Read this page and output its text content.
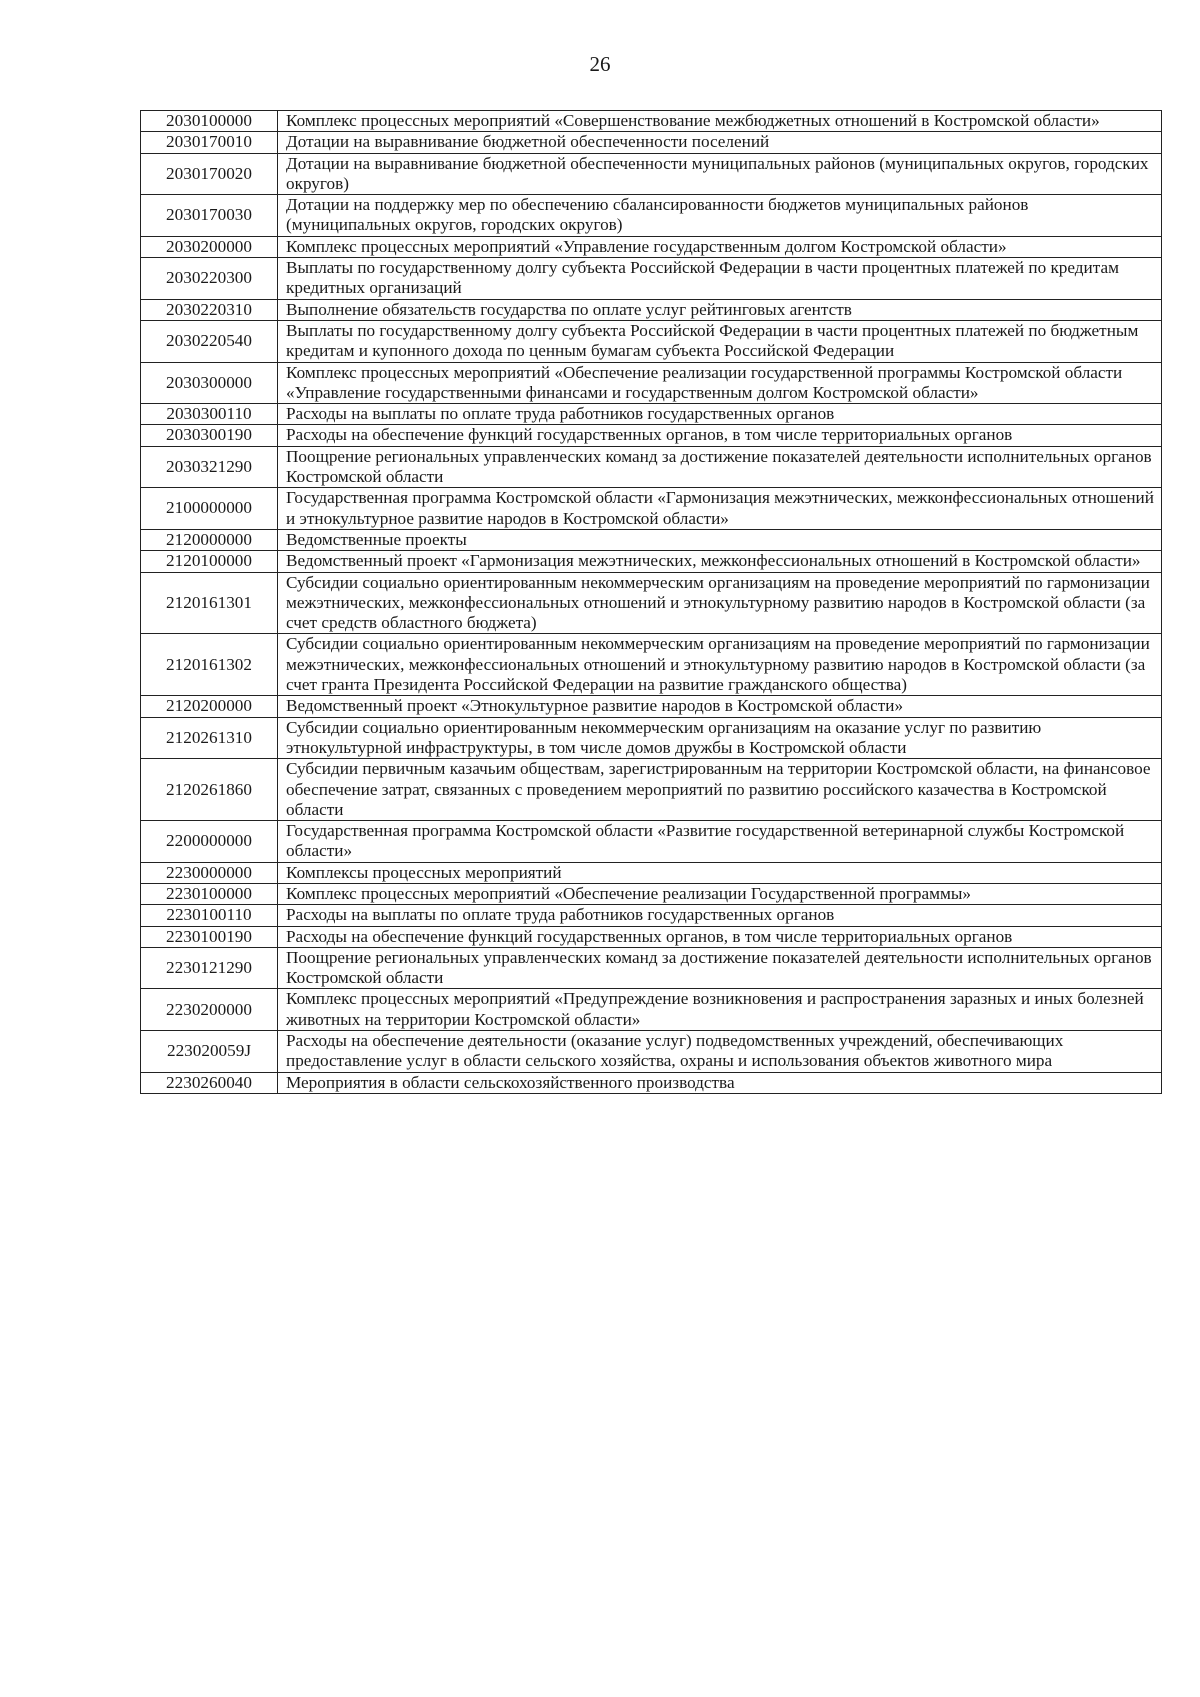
26
2030100000	Комплекс процессных мероприятий «Совершенствование межбюджетных отношений в Костромской области»
2030170010	Дотации на выравнивание бюджетной обеспеченности поселений
2030170020	Дотации на выравнивание бюджетной обеспеченности муниципальных районов (муниципальных округов, городских округов)
2030170030	Дотации на поддержку мер по обеспечению сбалансированности бюджетов муниципальных районов (муниципальных округов, городских округов)
2030200000	Комплекс процессных мероприятий «Управление государственным долгом Костромской области»
2030220300	Выплаты по государственному долгу субъекта Российской Федерации в части процентных платежей по кредитам кредитных организаций
2030220310	Выполнение обязательств государства по оплате услуг рейтинговых агентств
2030220540	Выплаты по государственному долгу субъекта Российской Федерации в части процентных платежей по бюджетным кредитам и купонного дохода по ценным бумагам субъекта Российской Федерации
2030300000	Комплекс процессных мероприятий «Обеспечение реализации государственной программы Костромской области «Управление государственными финансами и государственным долгом Костромской области»
2030300110	Расходы на выплаты по оплате труда работников государственных органов
2030300190	Расходы на обеспечение функций государственных органов, в том числе территориальных органов
2030321290	Поощрение региональных управленческих команд за достижение показателей деятельности исполнительных органов Костромской области
2100000000	Государственная программа Костромской области «Гармонизация межэтнических, межконфессиональных отношений и этнокультурное развитие народов в Костромской области»
2120000000	Ведомственные проекты
2120100000	Ведомственный проект «Гармонизация межэтнических, межконфессиональных отношений в Костромской области»
2120161301	Субсидии социально ориентированным некоммерческим организациям на проведение мероприятий по гармонизации межэтнических, межконфессиональных отношений и этнокультурному развитию народов в Костромской области (за счет средств областного бюджета)
2120161302	Субсидии социально ориентированным некоммерческим организациям на проведение мероприятий по гармонизации межэтнических, межконфессиональных отношений и этнокультурному развитию народов в Костромской области (за счет гранта Президента Российской Федерации на развитие гражданского общества)
2120200000	Ведомственный проект «Этнокультурное развитие народов в Костромской области»
2120261310	Субсидии социально ориентированным некоммерческим организациям на оказание услуг по развитию этнокультурной инфраструктуры, в том числе домов дружбы в Костромской области
2120261860	Субсидии первичным казачьим обществам, зарегистрированным на территории Костромской области, на финансовое обеспечение затрат, связанных с проведением мероприятий по развитию российского казачества в Костромской области
2200000000	Государственная программа Костромской области «Развитие государственной ветеринарной службы Костромской области»
2230000000	Комплексы процессных мероприятий
2230100000	Комплекс процессных мероприятий «Обеспечение реализации Государственной программы»
2230100110	Расходы на выплаты по оплате труда работников государственных органов
2230100190	Расходы на обеспечение функций государственных органов, в том числе территориальных органов
2230121290	Поощрение региональных управленческих команд за достижение показателей деятельности исполнительных органов Костромской области
2230200000	Комплекс процессных мероприятий «Предупреждение возникновения и распространения заразных и иных болезней животных на территории Костромской области»
223020059J	Расходы на обеспечение деятельности (оказание услуг) подведомственных учреждений, обеспечивающих предоставление услуг в области сельского хозяйства, охраны и использования объектов животного мира
2230260040	Мероприятия в области сельскохозяйственного производства
